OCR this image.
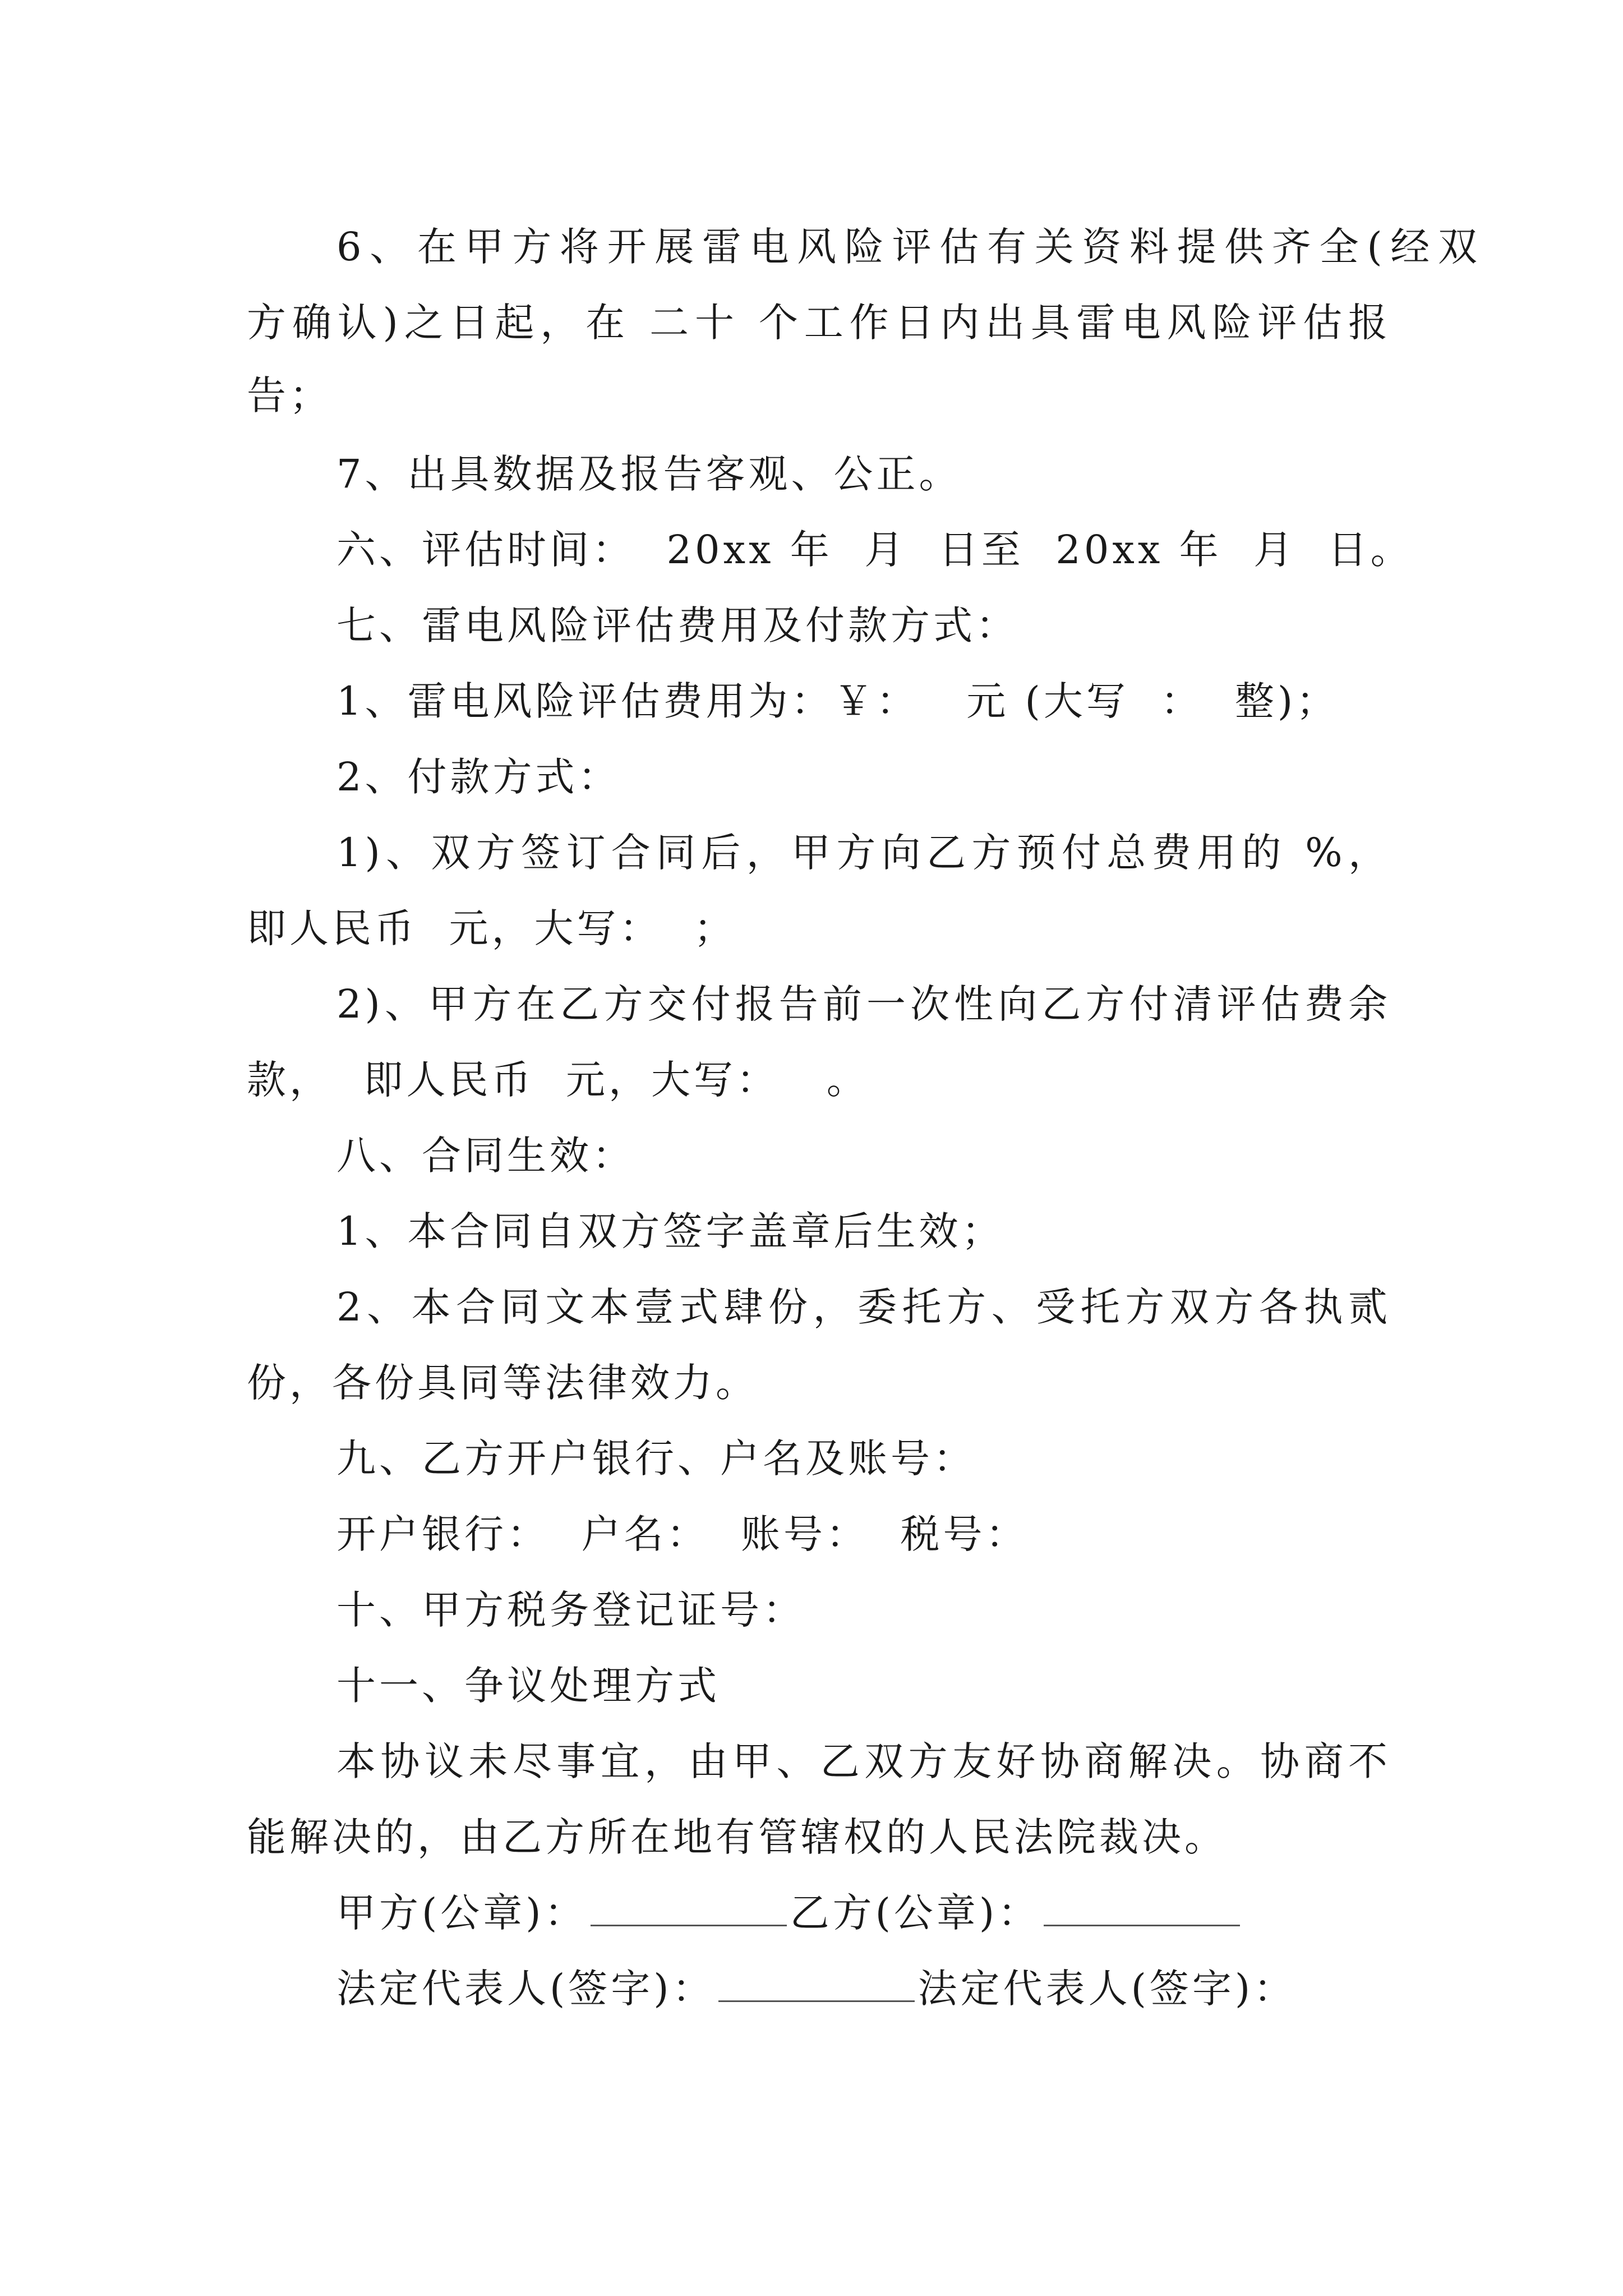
6、在甲方将开展雷电风险评估有关资料提供齐全(经双
方确认)之日起，在 二十 个工作日内出具雷电风险评估报
告；
7、出具数据及报告客观、公正。
六、评估时间：  20xx 年  月  日至  20xx 年  月  日。
七、雷电风险评估费用及付款方式：
1、雷电风险评估费用为：￥：   元 (大写  ：  整)；
2、付款方式：
1)、双方签订合同后，甲方向乙方预付总费用的 %，
即人民币  元，大写：  ；
2)、甲方在乙方交付报告前一次性向乙方付清评估费余
款，  即人民币  元，大写：   。
八、合同生效：
1、本合同自双方签字盖章后生效；
2、本合同文本壹式肆份，委托方、受托方双方各执贰
份，各份具同等法律效力。
九、乙方开户银行、户名及账号：
开户银行：  户名：  账号：  税号：
十、甲方税务登记证号：
十一、争议处理方式
本协议未尽事宜，由甲、乙双方友好协商解决。协商不
能解决的，由乙方所在地有管辖权的人民法院裁决。
甲方(公章)：	乙方(公章)：
法定代表人(签字)：	法定代表人(签字)：
